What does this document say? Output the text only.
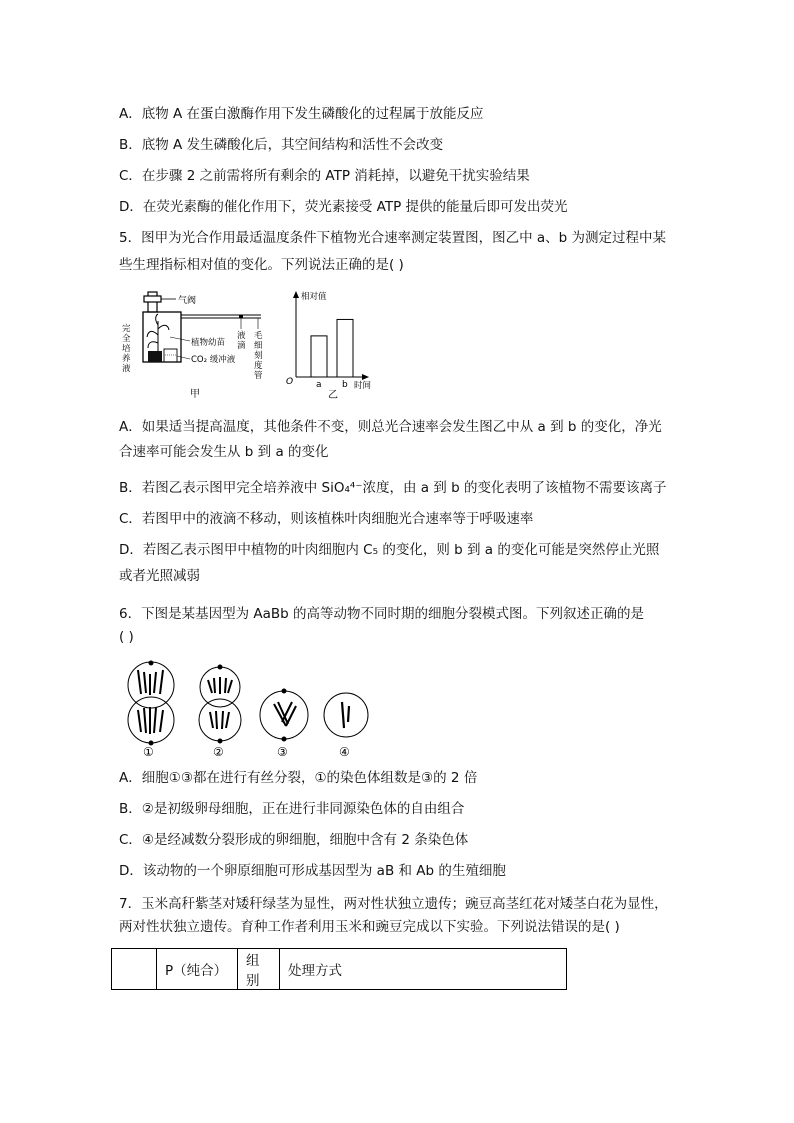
A．底物 A 在蛋白激酶作用下发生磷酸化的过程属于放能反应
B．底物 A 发生磷酸化后，其空间结构和活性不会改变
C．在步骤 2 之前需将所有剩余的 ATP 消耗掉，以避免干扰实验结果
D．在荧光素酶的催化作用下，荧光素接受 ATP 提供的能量后即可发出荧光
5．图甲为光合作用最适温度条件下植物光合速率测定装置图，图乙中 a、b 为测定过程中某
些生理指标相对值的变化。下列说法正确的是( )
气阀
植物幼苗
CO₂ 缓冲液
完
全
培
养
液
液
滴
毛
细
刻
度
管
甲
相对值
时间
O	a b
乙
A．如果适当提高温度，其他条件不变，则总光合速率会发生图乙中从 a 到 b 的变化，净光
合速率可能会发生从 b 到 a 的变化
B．若图乙表示图甲完全培养液中 SiO₄⁴⁻浓度，由 a 到 b 的变化表明了该植物不需要该离子
C．若图甲中的液滴不移动，则该植株叶肉细胞光合速率等于呼吸速率
D．若图乙表示图甲中植物的叶肉细胞内 C₅ 的变化，则 b 到 a 的变化可能是突然停止光照
或者光照减弱
6．下图是某基因型为 AaBb 的高等动物不同时期的细胞分裂模式图。下列叙述正确的是
( )
①	②	③	④
A．细胞①③都在进行有丝分裂，①的染色体组数是③的 2 倍
B．②是初级卵母细胞，正在进行非同源染色体的自由组合
C．④是经减数分裂形成的卵细胞，细胞中含有 2 条染色体
D．该动物的一个卵原细胞可形成基因型为 aB 和 Ab 的生殖细胞
7．玉米高秆紫茎对矮秆绿茎为显性，两对性状独立遗传；豌豆高茎红花对矮茎白花为显性，
两对性状独立遗传。育种工作者利用玉米和豌豆完成以下实验。下列说法错误的是( )
	P（纯合）	组别	处理方式
